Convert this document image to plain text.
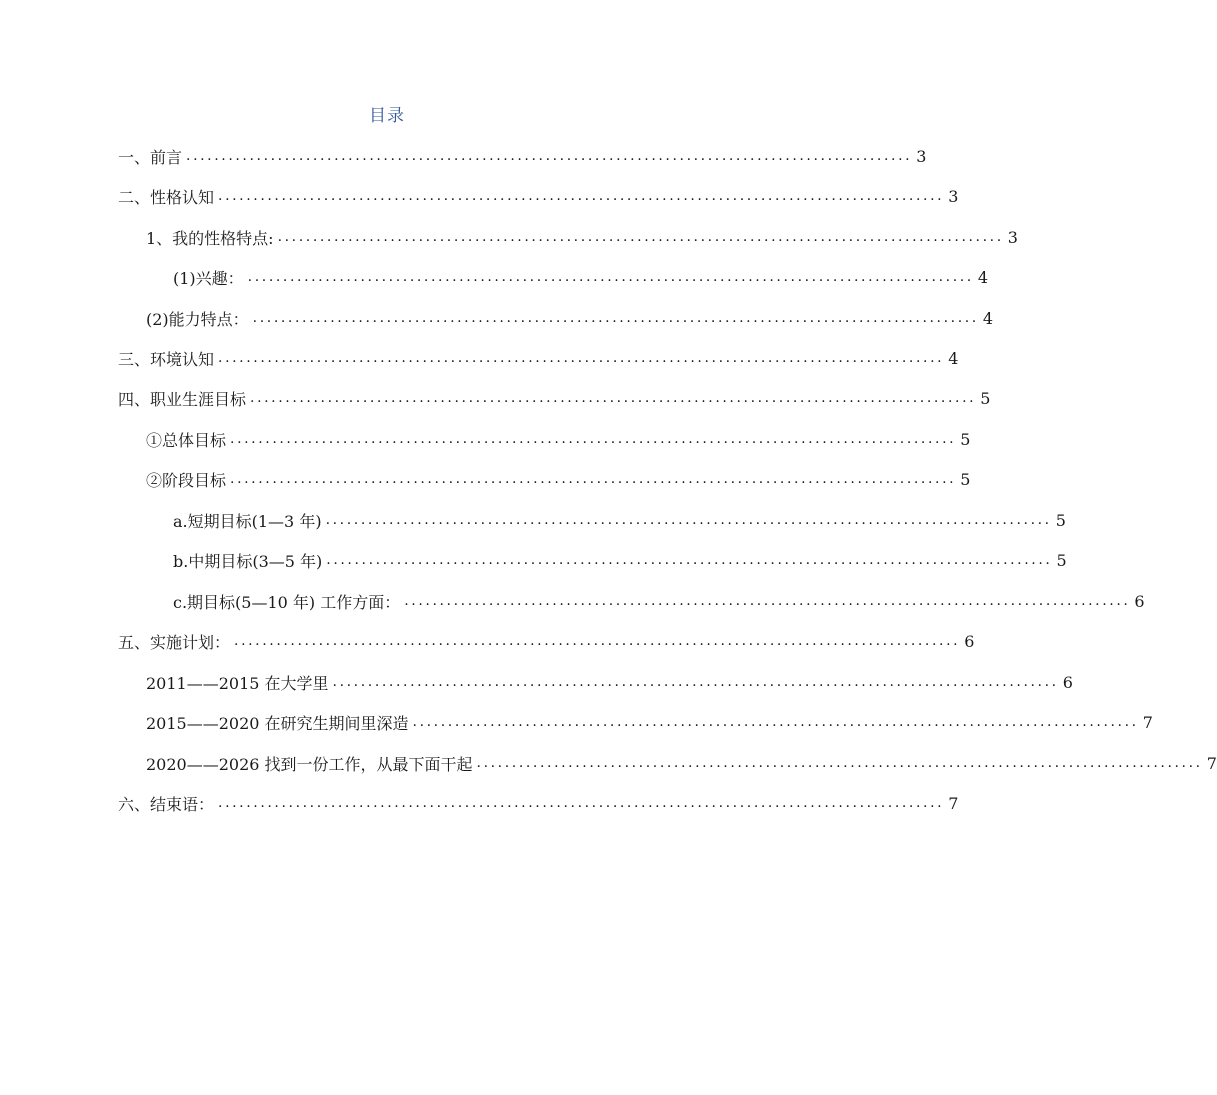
目录
一、前言 ....................................................................................................... 3
二、性格认知 ....................................................................................................... 3
1、我的性格特点: ....................................................................................................... 3
(1)兴趣： ....................................................................................................... 4
(2)能力特点： ....................................................................................................... 4
三、环境认知 ....................................................................................................... 4
四、职业生涯目标 ....................................................................................................... 5
①总体目标 ....................................................................................................... 5
②阶段目标 ....................................................................................................... 5
a.短期目标(1—3 年) ....................................................................................................... 5
b.中期目标(3—5 年) ....................................................................................................... 5
c.期目标(5—10 年) 工作方面： ....................................................................................................... 6
五、实施计划： ....................................................................................................... 6
2011——2015 在大学里 ....................................................................................................... 6
2015——2020 在研究生期间里深造 ....................................................................................................... 7
2020——2026 找到一份工作，从最下面干起 ....................................................................................................... 7
六、结束语： ....................................................................................................... 7
